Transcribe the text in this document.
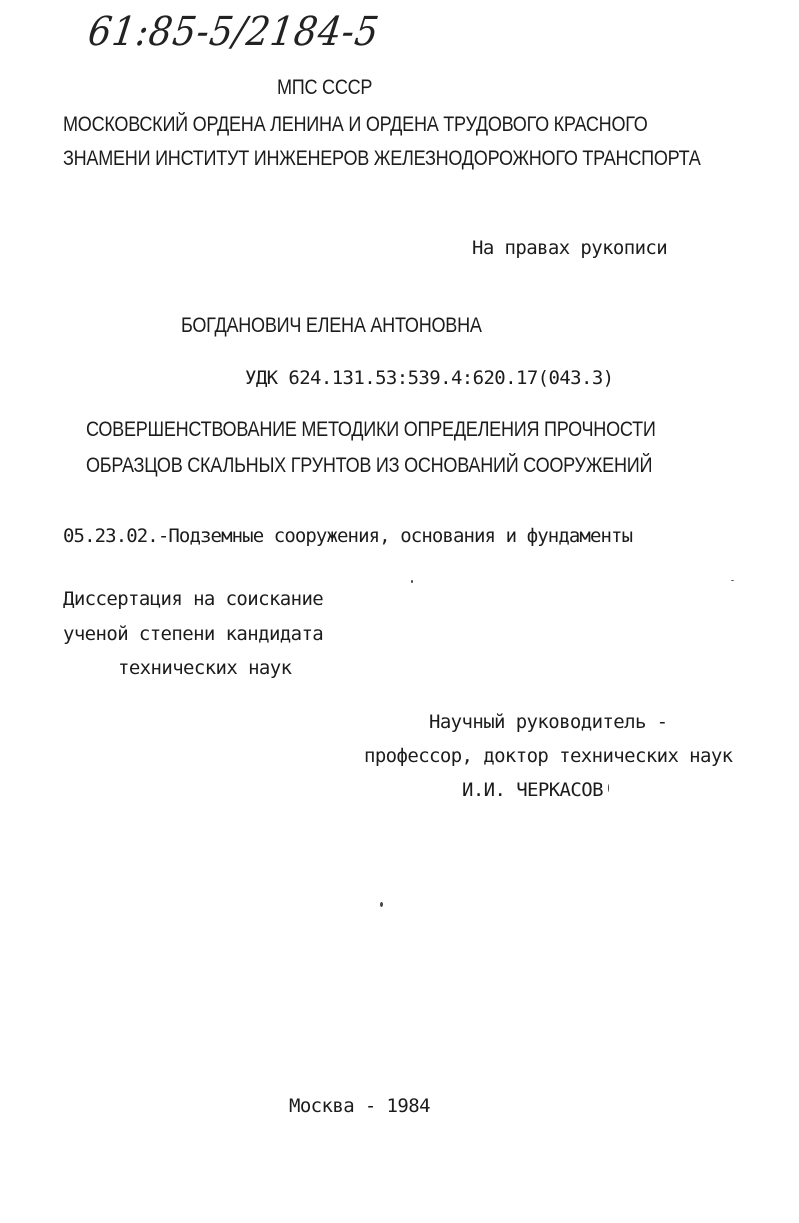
61:85-5/2184-5
МПС СССР
МОСКОВСКИЙ ОРДЕНА ЛЕНИНА И ОРДЕНА ТРУДОВОГО КРАСНОГО
ЗНАМЕНИ ИНСТИТУТ ИНЖЕНЕРОВ ЖЕЛЕЗНОДОРОЖНОГО ТРАНСПОРТА
На правах рукописи
БОГДАНОВИЧ ЕЛЕНА АНТОНОВНА
УДК 624.131.53:539.4:620.17(043.3)
СОВЕРШЕНСТВОВАНИЕ МЕТОДИКИ ОПРЕДЕЛЕНИЯ ПРОЧНОСТИ
ОБРАЗЦОВ СКАЛЬНЫХ ГРУНТОВ ИЗ ОСНОВАНИЙ СООРУЖЕНИЙ
05.23.02.-Подземные сооружения, основания и фундаменты
Диссертация на соискание
ученой степени кандидата
технических наук
Научный руководитель -
профессор, доктор технических наук
И.И. ЧЕРКАСОВ
Москва - 1984
